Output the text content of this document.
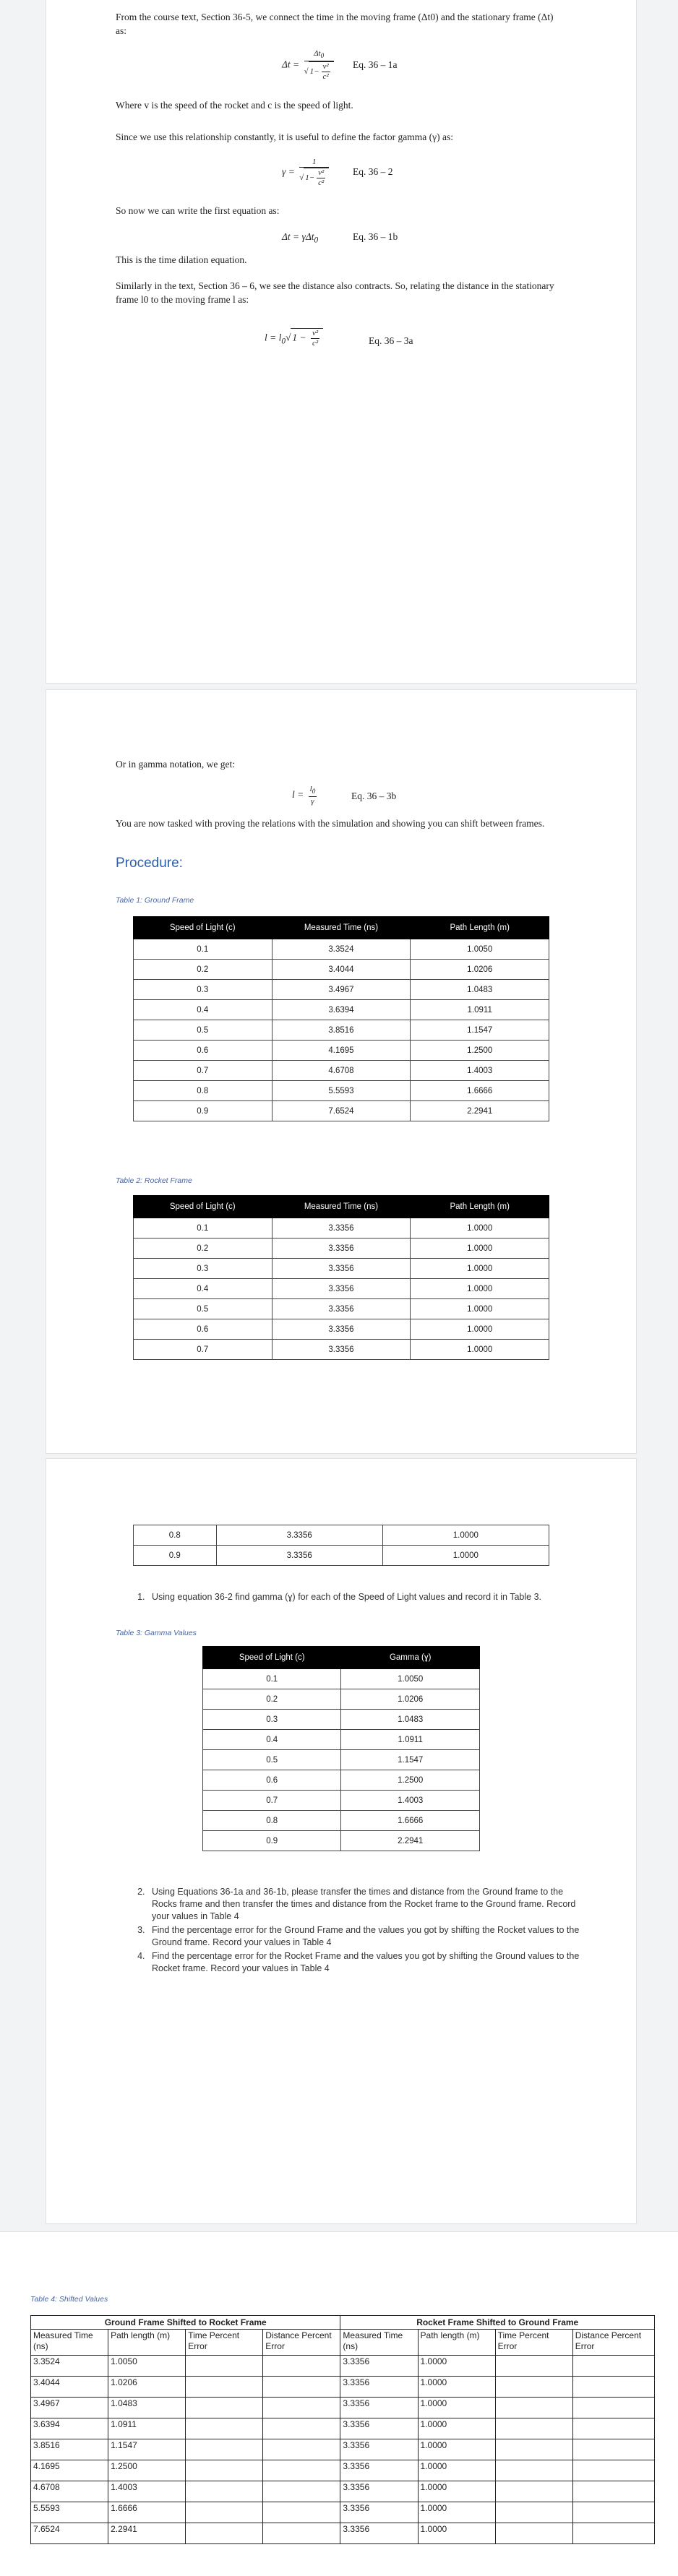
From the course text, Section 36-5, we connect the time in the moving frame (Δt0) and the stationary frame (Δt) as:
$\Delta t = \frac{\Delta t_0}{√ 1- \frac{\text{v²}}{\text{c²}}} Eq$. 36 – 1a
Where v is the speed of the rocket and c is the speed of light.
Since we use this relationship constantly, it is useful to define the factor gamma (γ) as:
$\gamma = \frac{1}{√ 1- \frac{\text{v²}}{\text{c²}}} Eq$. 36 – 2
So now we can write the first equation as:
Δt = γΔt$_0$	Eq. 36 – 1b
This is the time dilation equation.
Similarly in the text, Section 36 – 6, we see the distance also contracts. So, relating the distance in the stationary frame l0 to the moving frame l as:
$l = l_0√$ $1 - \frac{\text{v²}}{\text{c²}}$	Eq. 36 – 3a
Or in gamma notation, we get:
$l = \frac{l_0}{\gamma}$	Eq. 36 – 3b
You are now tasked with proving the relations with the simulation and showing you can shift between frames.
Procedure:
Table 1: Ground Frame
Speed of Light (c)	Measured Time (ns)	Path Length (m)
0.1	3.3524	1.0050
0.2	3.4044	1.0206
0.3	3.4967	1.0483
0.4	3.6394	1.0911
0.5	3.8516	1.1547
0.6	4.1695	1.2500
0.7	4.6708	1.4003
0.8	5.5593	1.6666
0.9	7.6524	2.2941
Table 2: Rocket Frame
Speed of Light (c)	Measured Time (ns)	Path Length (m)
0.1	3.3356	1.0000
0.2	3.3356	1.0000
0.3	3.3356	1.0000
0.4	3.3356	1.0000
0.5	3.3356	1.0000
0.6	3.3356	1.0000
0.7	3.3356	1.0000
0.8	3.3356	1.0000
0.9	3.3356	1.0000
1. Using equation 36-2 find gamma (ɣ) for each of the Speed of Light values and record it in Table 3.
Table 3: Gamma Values
Speed of Light (c)	Gamma (ɣ)
0.1	1.0050
0.2	1.0206
0.3	1.0483
0.4	1.0911
0.5	1.1547
0.6	1.2500
0.7	1.4003
0.8	1.6666
0.9	2.2941
2. Using Equations 36-1a and 36-1b, please transfer the times and distance from the Ground frame to the Rocks frame and then transfer the times and distance from the Rocket frame to the Ground frame. Record your values in Table 4
3. Find the percentage error for the Ground Frame and the values you got by shifting the Rocket values to the Ground frame. Record your values in Table 4
4. Find the percentage error for the Rocket Frame and the values you got by shifting the Ground values to the Rocket frame. Record your values in Table 4
Table 4: Shifted Values
Ground Frame Shifted to Rocket Frame				Rocket Frame Shifted to Ground Frame			
Measured Time (ns)	Path length (m)	Time Percent Error	Distance Percent Error	Measured Time (ns)	Path length (m)	Time Percent Error	Distance Percent Error
3.3524	1.0050			3.3356	1.0000		
3.4044	1.0206			3.3356	1.0000		
3.4967	1.0483			3.3356	1.0000		
3.6394	1.0911			3.3356	1.0000		
3.8516	1.1547			3.3356	1.0000		
4.1695	1.2500			3.3356	1.0000		
4.6708	1.4003			3.3356	1.0000		
5.5593	1.6666			3.3356	1.0000		
7.6524	2.2941			3.3356	1.0000		
